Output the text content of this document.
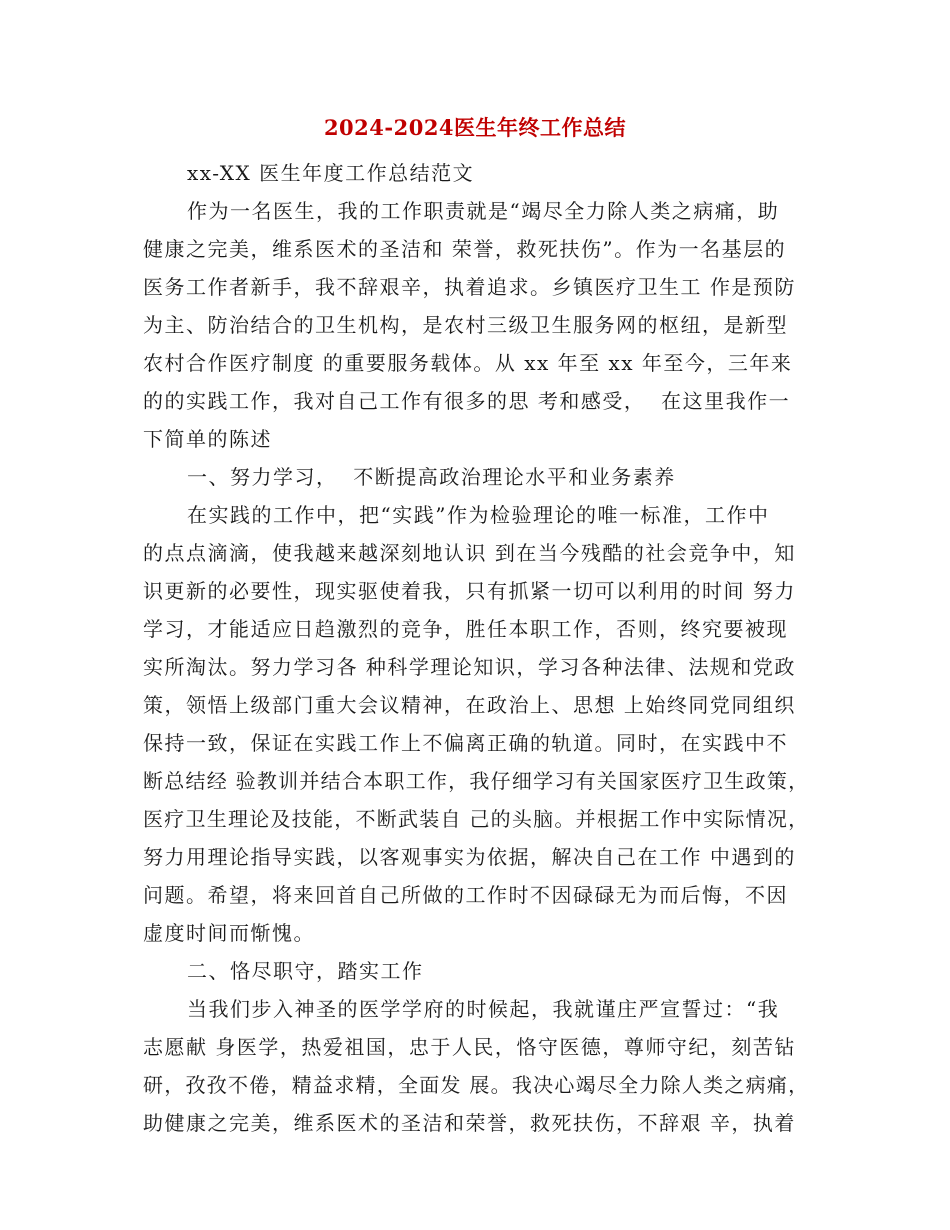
2024-2024医生年终工作总结
xx-XX 医生年度工作总结范文
作为一名医生，我的工作职责就是“竭尽全力除人类之病痛，助
健康之完美，维系医术的圣洁和 荣誉，救死扶伤”。作为一名基层的
医务工作者新手，我不辞艰辛，执着追求。乡镇医疗卫生工 作是预防
为主、防治结合的卫生机构，是农村三级卫生服务网的枢纽，是新型
农村合作医疗制度 的重要服务载体。从 xx 年至 xx 年至今，三年来
的的实践工作，我对自己工作有很多的思 考和感受，  在这里我作一
下简单的陈述
一、努力学习，  不断提高政治理论水平和业务素养
在实践的工作中，把“实践”作为检验理论的唯一标准，工作中
的点点滴滴，使我越来越深刻地认识 到在当今残酷的社会竞争中，知
识更新的必要性，现实驱使着我，只有抓紧一切可以利用的时间 努力
学习，才能适应日趋激烈的竞争，胜任本职工作，否则，终究要被现
实所淘汰。努力学习各 种科学理论知识，学习各种法律、法规和党政
策，领悟上级部门重大会议精神，在政治上、思想 上始终同党同组织
保持一致，保证在实践工作上不偏离正确的轨道。同时，在实践中不
断总结经 验教训并结合本职工作，我仔细学习有关国家医疗卫生政策，
医疗卫生理论及技能，不断武装自 己的头脑。并根据工作中实际情况，
努力用理论指导实践，以客观事实为依据，解决自己在工作 中遇到的
问题。希望，将来回首自己所做的工作时不因碌碌无为而后悔，不因
虚度时间而惭愧。
二、恪尽职守，踏实工作
当我们步入神圣的医学学府的时候起，我就谨庄严宣誓过：“我
志愿献 身医学，热爱祖国，忠于人民，恪守医德，尊师守纪，刻苦钻
研，孜孜不倦，精益求精，全面发 展。我决心竭尽全力除人类之病痛，
助健康之完美，维系医术的圣洁和荣誉，救死扶伤，不辞艰 辛，执着
